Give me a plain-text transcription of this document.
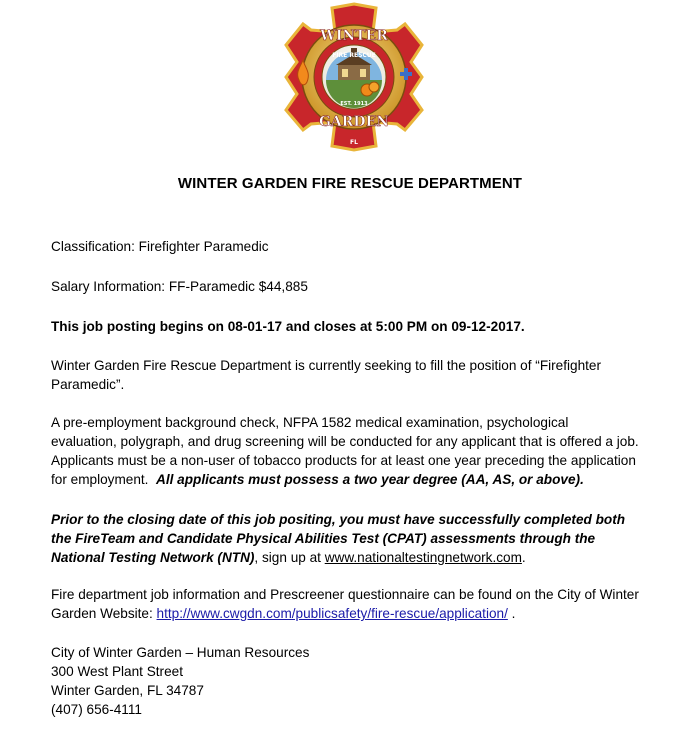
WINTER
FIRE RESCUE
EST. 1913
GARDEN
FL
WINTER GARDEN FIRE RESCUE DEPARTMENT

Classification: Firefighter Paramedic

Salary Information: FF-Paramedic $44,885

This job posting begins on 08-01-17 and closes at 5:00 PM on 09-12-2017.

Winter Garden Fire Rescue Department is currently seeking to fill the position of “Firefighter
Paramedic”.
A pre-employment background check, NFPA 1582 medical examination, psychological
evaluation, polygraph, and drug screening will be conducted for any applicant that is offered a job.
Applicants must be a non-user of tobacco products for at least one year preceding the application
for employment.  All applicants must possess a two year degree (AA, AS, or above).
Prior to the closing date of this job positing, you must have successfully completed both
the FireTeam and Candidate Physical Abilities Test (CPAT) assessments through the
National Testing Network (NTN), sign up at www.nationaltestingnetwork.com.
Fire department job information and Prescreener questionnaire can be found on the City of Winter
Garden Website: http://www.cwgdn.com/publicsafety/fire-rescue/application/ .
City of Winter Garden – Human Resources
300 West Plant Street
Winter Garden, FL 34787
(407) 656-4111
